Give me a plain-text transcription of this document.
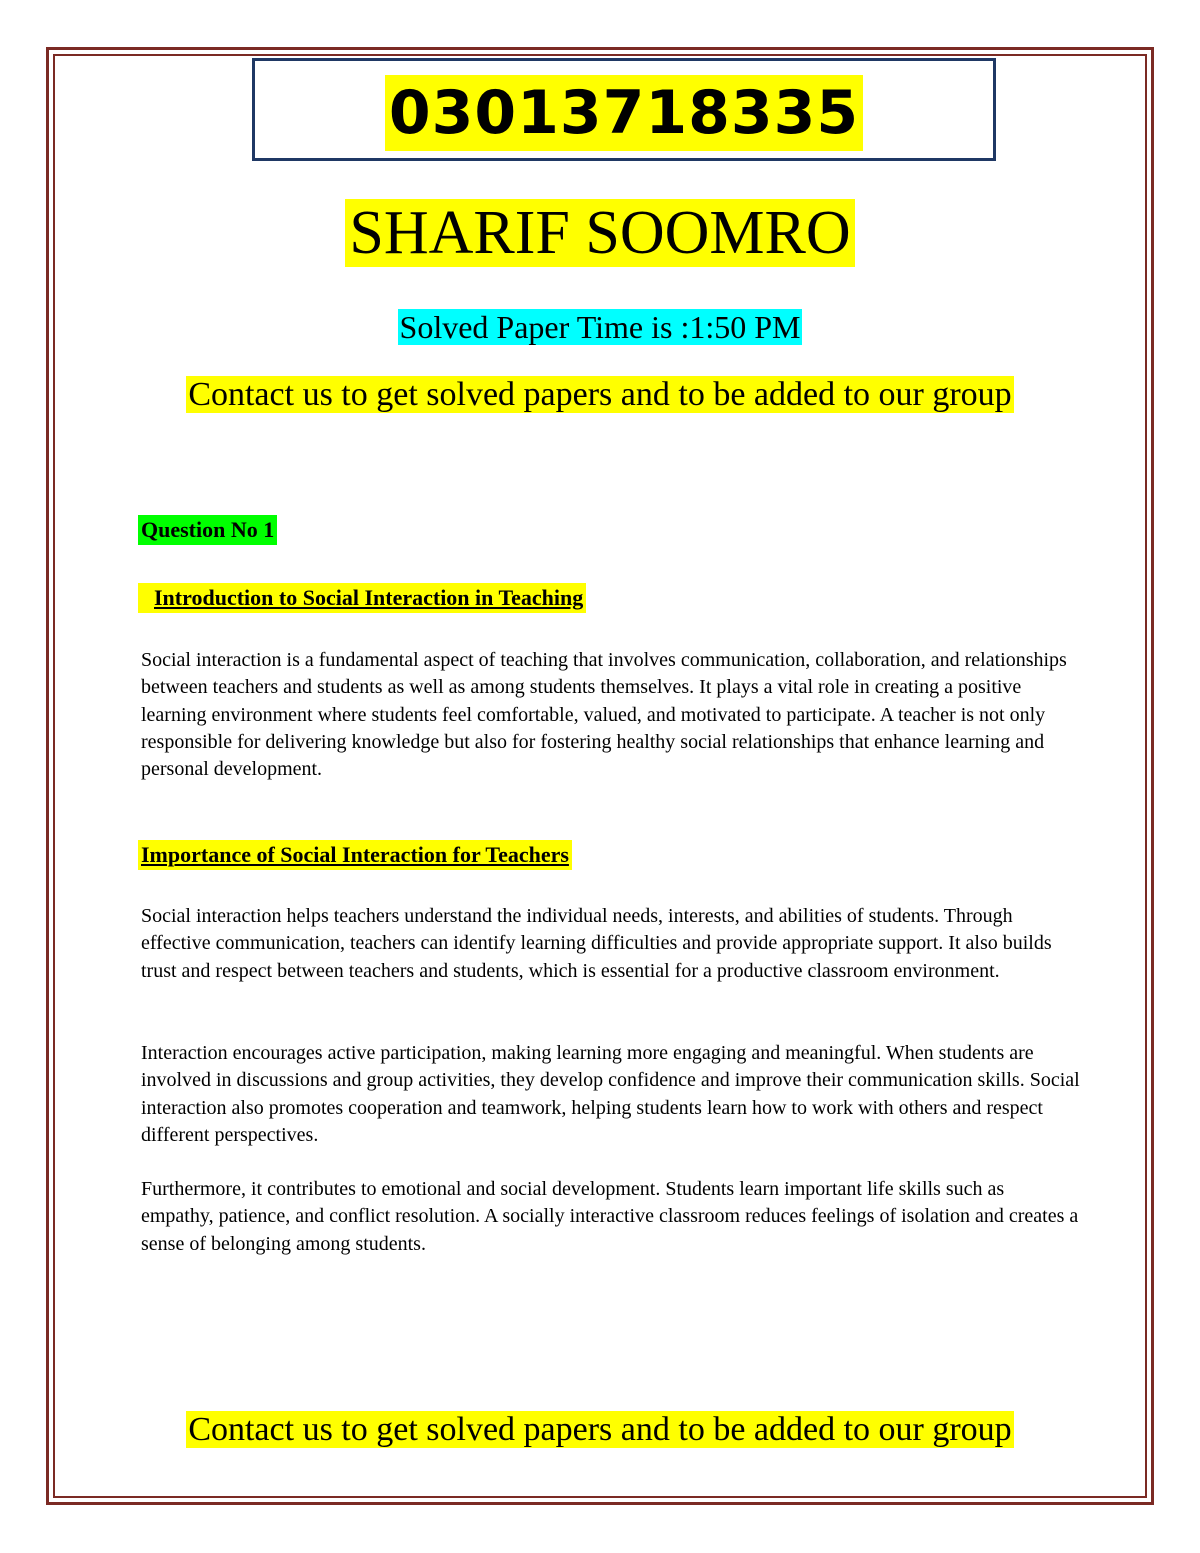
03013718335
SHARIF SOOMRO
Solved Paper Time is :1:50 PM
Contact us to get solved papers and to be added to our group
Question No 1
Introduction to Social Interaction in Teaching

Social interaction is a fundamental aspect of teaching that involves communication, collaboration, and relationships between teachers and students as well as among students themselves. It plays a vital role in creating a positive learning environment where students feel comfortable, valued, and motivated to participate. A teacher is not only responsible for delivering knowledge but also for fostering healthy social relationships that enhance learning and personal development.

Importance of Social Interaction for Teachers

Social interaction helps teachers understand the individual needs, interests, and abilities of students. Through effective communication, teachers can identify learning difficulties and provide appropriate support. It also builds trust and respect between teachers and students, which is essential for a productive classroom environment.

Interaction encourages active participation, making learning more engaging and meaningful. When students are involved in discussions and group activities, they develop confidence and improve their communication skills. Social interaction also promotes cooperation and teamwork, helping students learn how to work with others and respect different perspectives.

Furthermore, it contributes to emotional and social development. Students learn important life skills such as empathy, patience, and conflict resolution. A socially interactive classroom reduces feelings of isolation and creates a sense of belonging among students.

Contact us to get solved papers and to be added to our group
